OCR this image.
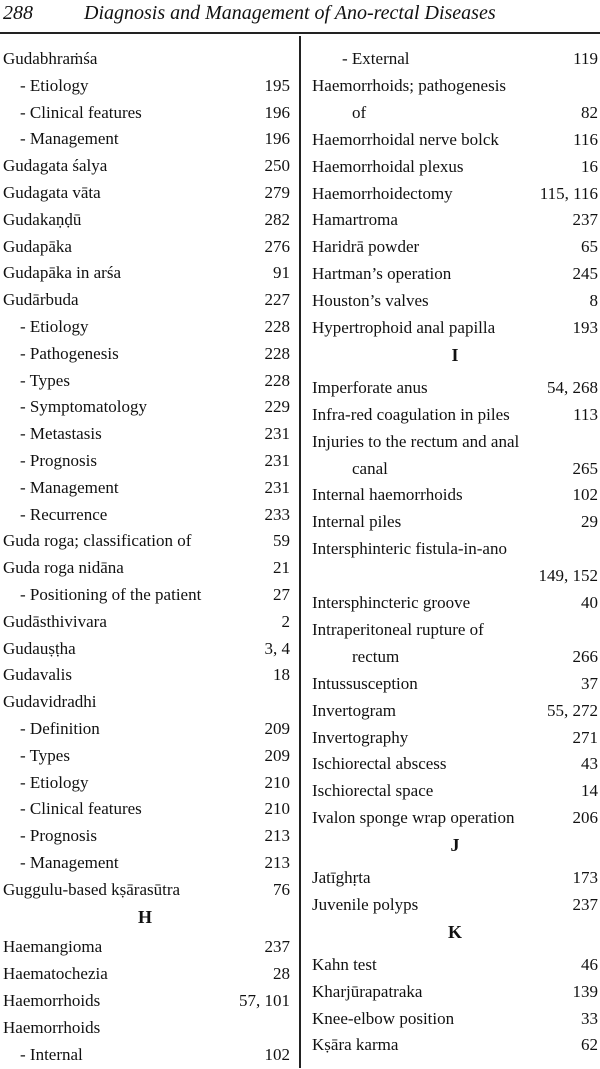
288	Diagnosis and Management of Ano-rectal Diseases
Gudabhraṁśa
- Etiology	195
- Clinical features	196
- Management	196
Gudagata śalya	250
Gudagata vāta	279
Gudakaṇḍū	282
Gudapāka	276
Gudapāka in arśa	91
Gudārbuda	227
- Etiology	228
- Pathogenesis	228
- Types	228
- Symptomatology	229
- Metastasis	231
- Prognosis	231
- Management	231
- Recurrence	233
Guda roga; classification of	59
Guda roga nidāna	21
- Positioning of the patient	27
Gudāsthivivara	2
Gudauṣṭha	3, 4
Gudavalis	18
Gudavidradhi
- Definition	209
- Types	209
- Etiology	210
- Clinical features	210
- Prognosis	213
- Management	213
Guggulu-based kṣārasūtra	76
H
Haemangioma	237
Haematochezia	28
Haemorrhoids	57, 101
Haemorrhoids
- Internal	102
- External	119
Haemorrhoids; pathogenesis
of	82
Haemorrhoidal nerve bolck	116
Haemorrhoidal plexus	16
Haemorrhoidectomy	115, 116
Hamartroma	237
Haridrā powder	65
Hartman’s operation	245
Houston’s valves	8
Hypertrophoid anal papilla	193
I
Imperforate anus	54, 268
Infra-red coagulation in piles	113
Injuries to the rectum and anal
canal	265
Internal haemorrhoids	102
Internal piles	29
Intersphinteric fistula-in-ano
149, 152
Intersphincteric groove	40
Intraperitoneal rupture of
rectum	266
Intussusception	37
Invertogram	55, 272
Invertography	271
Ischiorectal abscess	43
Ischiorectal space	14
Ivalon sponge wrap operation	206
J
Jatīghṛta	173
Juvenile polyps	237
K
Kahn test	46
Kharjūrapatraka	139
Knee-elbow position	33
Kṣāra karma	62
